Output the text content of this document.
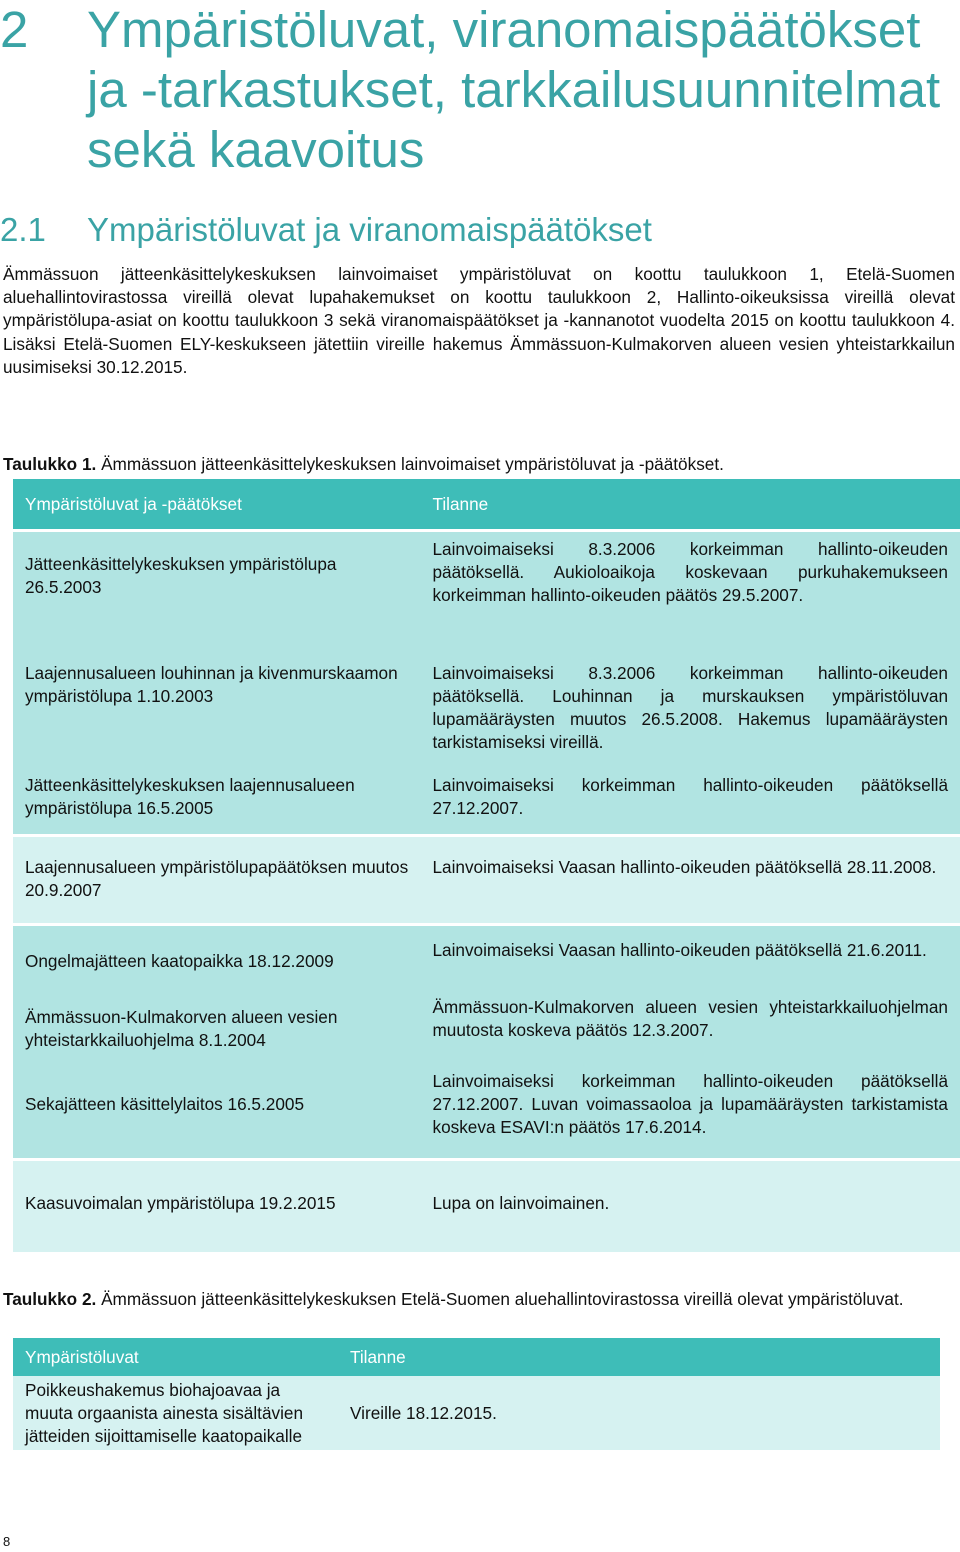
2 Ympäristöluvat, viranomaispäätökset
ja -tarkastukset, tarkkailusuunnitelmat
sekä kaavoitus
2.1 Ympäristöluvat ja viranomaispäätökset

Ämmässuon jätteenkäsittelykeskuksen lainvoimaiset ympäristöluvat on koottu taulukkoon 1, Etelä-Suomen aluehallintovirastossa vireillä olevat lupahakemukset on koottu taulukkoon 2, Hallinto-oikeuksissa vireillä olevat ympäristölupa-asiat on koottu taulukkoon 3 sekä viranomaispäätökset ja -kannanotot vuodelta 2015 on koottu taulukkoon 4. Lisäksi Etelä-Suomen ELY-keskukseen jätettiin vireille hakemus Ämmässuon-Kulmakorven alueen vesien yhteistarkkailun uusimiseksi 30.12.2015.

Taulukko 1. Ämmässuon jätteenkäsittelykeskuksen lainvoimaiset ympäristöluvat ja -päätökset.

Ympäristöluvat ja -päätökset	Tilanne

Jätteenkäsittelykeskuksen ympäristölupa 26.5.2003	Lainvoimaiseksi 8.3.2006 korkeimman hallinto-oikeuden päätöksellä. Aukioloaikoja koskevaan purkuhakemukseen korkeimman hallinto-oikeuden päätös 29.5.2007.
Laajennusalueen louhinnan ja kivenmurskaamon ympäristölupa 1.10.2003	Lainvoimaiseksi 8.3.2006 korkeimman hallinto-oikeuden päätöksellä. Louhinnan ja murskauksen ympäristöluvan lupamääräysten muutos 26.5.2008. Hakemus lupamääräysten tarkistamiseksi vireillä.
Jätteenkäsittelykeskuksen laajennusalueen ympäristölupa 16.5.2005	Lainvoimaiseksi korkeimman hallinto-oikeuden päätöksellä 27.12.2007.

Laajennusalueen ympäristölupapäätöksen muutos 20.9.2007	Lainvoimaiseksi Vaasan hallinto-oikeuden päätöksellä 28.11.2008.

Ongelmajätteen kaatopaikka 18.12.2009	Lainvoimaiseksi Vaasan hallinto-oikeuden päätöksellä 21.6.2011.
Ämmässuon-Kulmakorven alueen vesien yhteistarkkailuohjelma 8.1.2004	Ämmässuon-Kulmakorven alueen vesien yhteistarkkailuohjelman muutosta koskeva päätös 12.3.2007.
Sekajätteen käsittelylaitos 16.5.2005	Lainvoimaiseksi korkeimman hallinto-oikeuden päätöksellä 27.12.2007. Luvan voimassaoloa ja lupamääräysten tarkistamista koskeva ESAVI:n päätös 17.6.2014.

Kaasuvoimalan ympäristölupa 19.2.2015	Lupa on lainvoimainen.

Taulukko 2. Ämmässuon jätteenkäsittelykeskuksen Etelä-Suomen aluehallintovirastossa vireillä olevat ympäristöluvat.

Ympäristöluvat	Tilanne
Poikkeushakemus biohajoavaa ja muuta orgaanista ainesta sisältävien jätteiden sijoittamiselle kaatopaikalle	Vireille 18.12.2015.
8
